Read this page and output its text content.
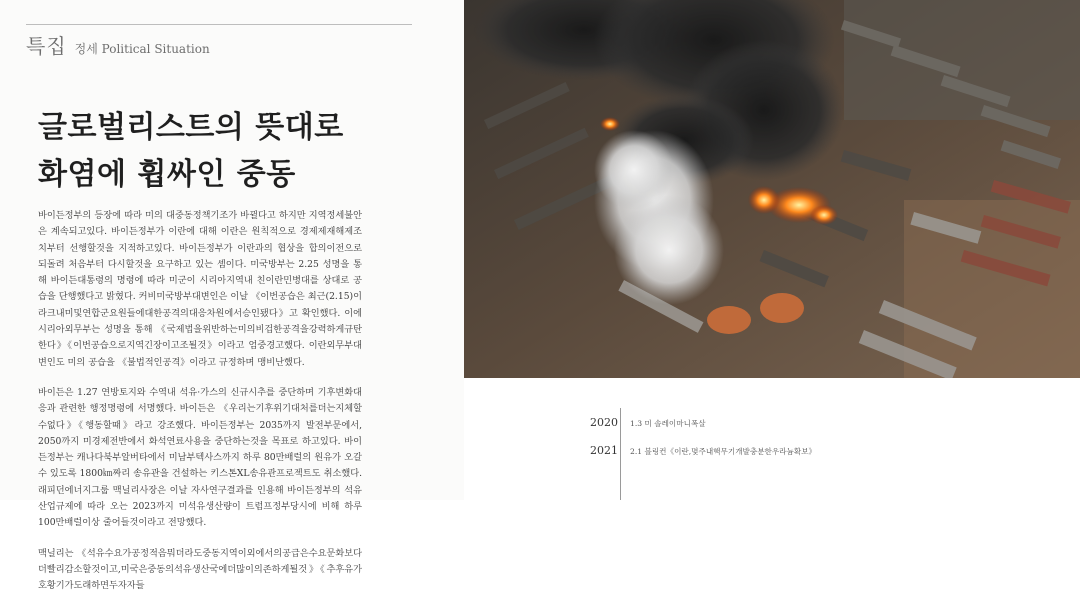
특집 정세 Political Situation
글로벌리스트의 뜻대로
화염에 휩싸인 중동

바이든정부의 등장에 따라 미의 대중동정책기조가 바뀔다고 하지만 지역정세불안은 계속되고있다. 바이든정부가 이란에 대해 이란은 원칙적으로 경제제재해제조치부터 선행할것을 지적하고있다. 바이든정부가 이란과의 협상을 합의이전으로 되돌려 처음부터 다시할것을 요구하고 있는 셈이다. 미국방부는 2.25 성명을 통해 바이든대통령의 명령에 따라 미군이 시리아지역내 친이란민병대를 상대로 공습을 단행했다고 밝혔다. 커비미국방부대변인은 이날 《이번공습은 최근(2.15)이라크내미및연합군요원들에대한공격의대응차원에서승인됐다》고 확인했다. 이에 시리아외무부는 성명을 통해 《국제법을위반하는미의비겁한공격을강력하게규탄한다》《이번공습으로지역긴장이고조될것》이라고 엄중경고했다. 이란외무부대변인도 미의 공습을 《불법적인공격》이라고 규정하며 맹비난했다.

바이든은 1.27 연방토지와 수역내 석유·가스의 신규시추를 중단하며 기후변화대응과 관련한 행정명령에 서명했다. 바이든은 《우리는기후위기대처를더는지체할수없다》《행동할때》라고 강조했다. 바이든정부는 2035까지 발전부문에서, 2050까지 미경제전반에서 화석연료사용을 중단하는것을 목표로 하고있다. 바이든정부는 캐나다북부알버타에서 미남부텍사스까지 하루 80만배럴의 원유가 오갈수 있도록 1800㎞짜리 송유관을 건설하는 키스톤XL송유관프로젝트도 취소했다. 래피던에너지그룹 맥닐리사장은 이날 자사연구결과를 인용해 바이든정부의 석유산업규제에 따라 오는 2023까지 미석유생산량이 트럼프정부당시에 비해 하루100만배럴이상 줄어들것이라고 전망했다.

맥닐리는 《석유수요가공정적음뭐더라도중동지역이외에서의공급은수요문화보다더빨리감소할것이고,미국은중동의석유생산국에더많이의존하게될것》《추후유가호황기가도래하면두자자들

2020	1.3 미 솔레이마니폭살
2021	2.1 블링컨《이란,몇주내핵무기개발충분한우라늄확보》
